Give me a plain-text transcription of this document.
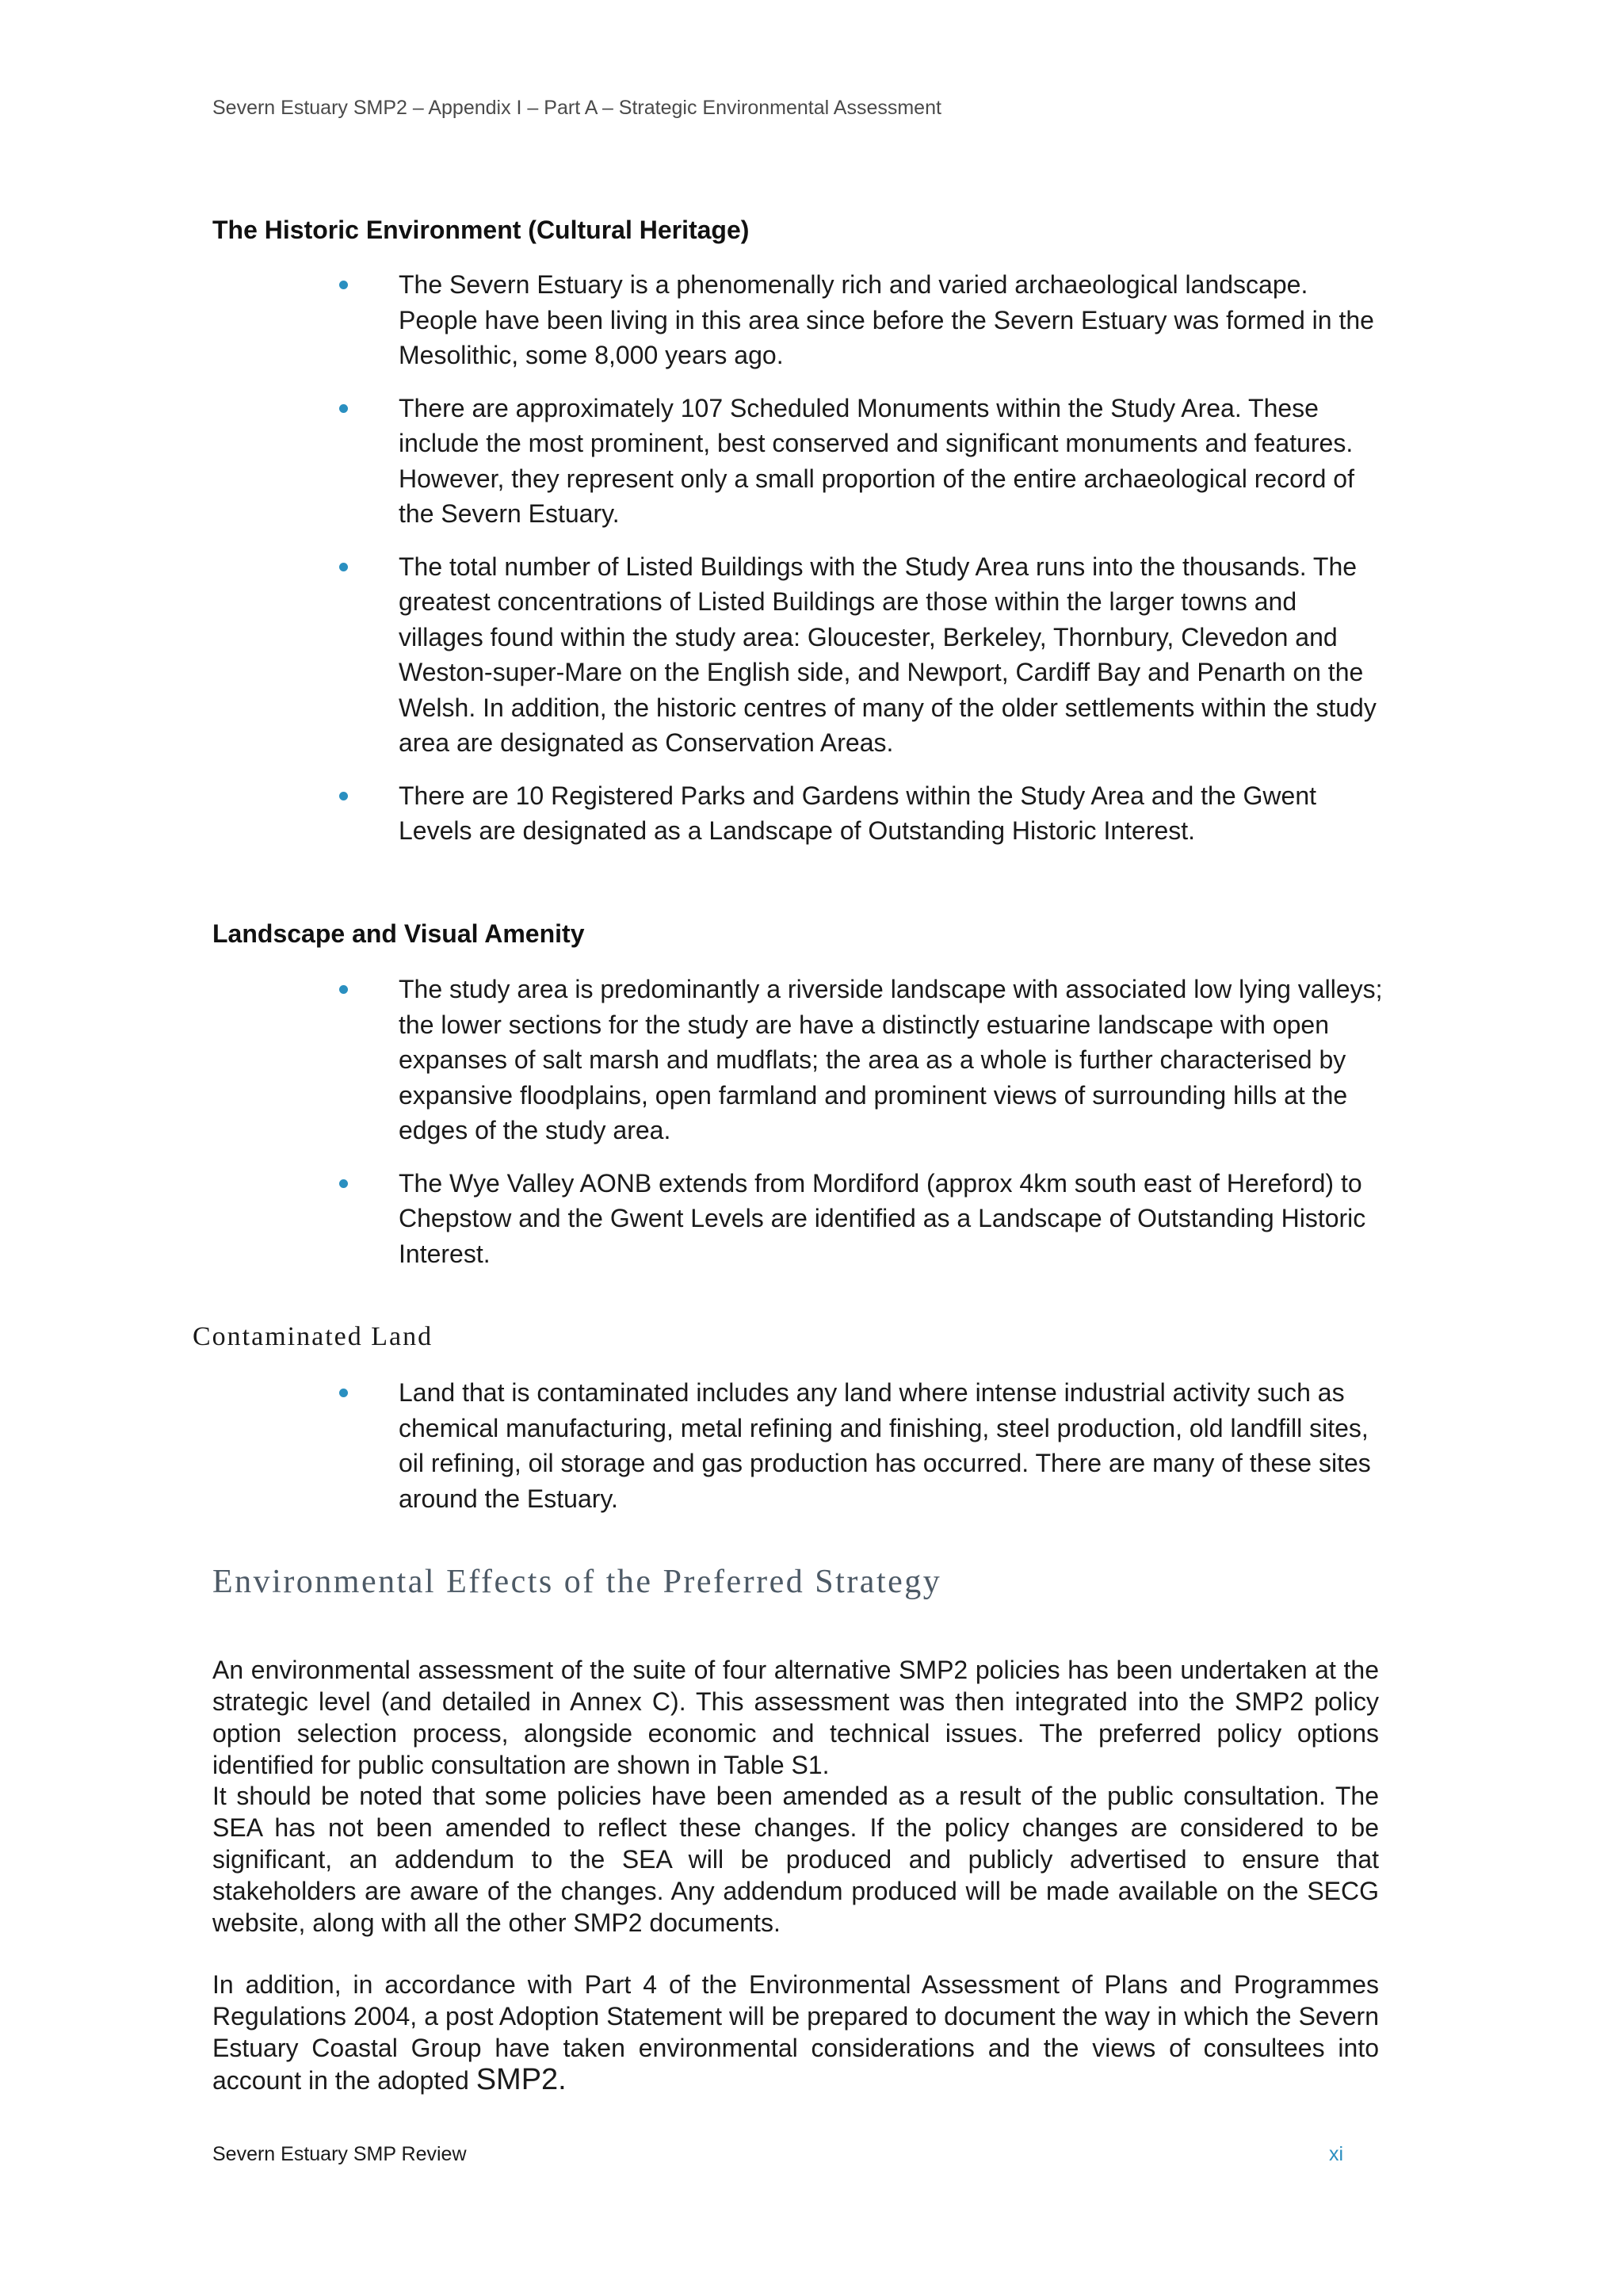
Severn Estuary SMP2 – Appendix I – Part A – Strategic Environmental Assessment
The Historic Environment (Cultural Heritage)
The Severn Estuary is a phenomenally rich and varied archaeological landscape. People have been living in this area since before the Severn Estuary was formed in the Mesolithic, some 8,000 years ago.
There are approximately 107 Scheduled Monuments within the Study Area. These include the most prominent, best conserved and significant monuments and features. However, they represent only a small proportion of the entire archaeological record of the Severn Estuary.
The total number of Listed Buildings with the Study Area runs into the thousands. The greatest concentrations of Listed Buildings are those within the larger towns and villages found within the study area: Gloucester, Berkeley, Thornbury, Clevedon and Weston-super-Mare on the English side, and Newport, Cardiff Bay and Penarth on the Welsh. In addition, the historic centres of many of the older settlements within the study area are designated as Conservation Areas.
There are 10 Registered Parks and Gardens within the Study Area and the Gwent Levels are designated as a Landscape of Outstanding Historic Interest.
Landscape and Visual Amenity
The study area is predominantly a riverside landscape with associated low lying valleys; the lower sections for the study are have a distinctly estuarine landscape with open expanses of salt marsh and mudflats; the area as a whole is further characterised by expansive floodplains, open farmland and prominent views of surrounding hills at the edges of the study area.
The Wye Valley AONB extends from Mordiford (approx 4km south east of Hereford) to Chepstow and the Gwent Levels are identified as a Landscape of Outstanding Historic Interest.
Contaminated Land
Land that is contaminated includes any land where intense industrial activity such as chemical manufacturing, metal refining and finishing, steel production, old landfill sites, oil refining, oil storage and gas production has occurred. There are many of these sites around the Estuary.
Environmental Effects of the Preferred Strategy

An environmental assessment of the suite of four alternative SMP2 policies has been undertaken at the strategic level (and detailed in Annex C). This assessment was then integrated into the SMP2 policy option selection process, alongside economic and technical issues. The preferred policy options identified for public consultation are shown in Table S1.

It should be noted that some policies have been amended as a result of the public consultation. The SEA has not been amended to reflect these changes. If the policy changes are considered to be significant, an addendum to the SEA will be produced and publicly advertised to ensure that stakeholders are aware of the changes. Any addendum produced will be made available on the SECG website, along with all the other SMP2 documents.

In addition, in accordance with Part 4 of the Environmental Assessment of Plans and Programmes Regulations 2004, a post Adoption Statement will be prepared to document the way in which the Severn Estuary Coastal Group have taken environmental considerations and the views of consultees into account in the adopted SMP2.

Severn Estuary SMP Review	xi
